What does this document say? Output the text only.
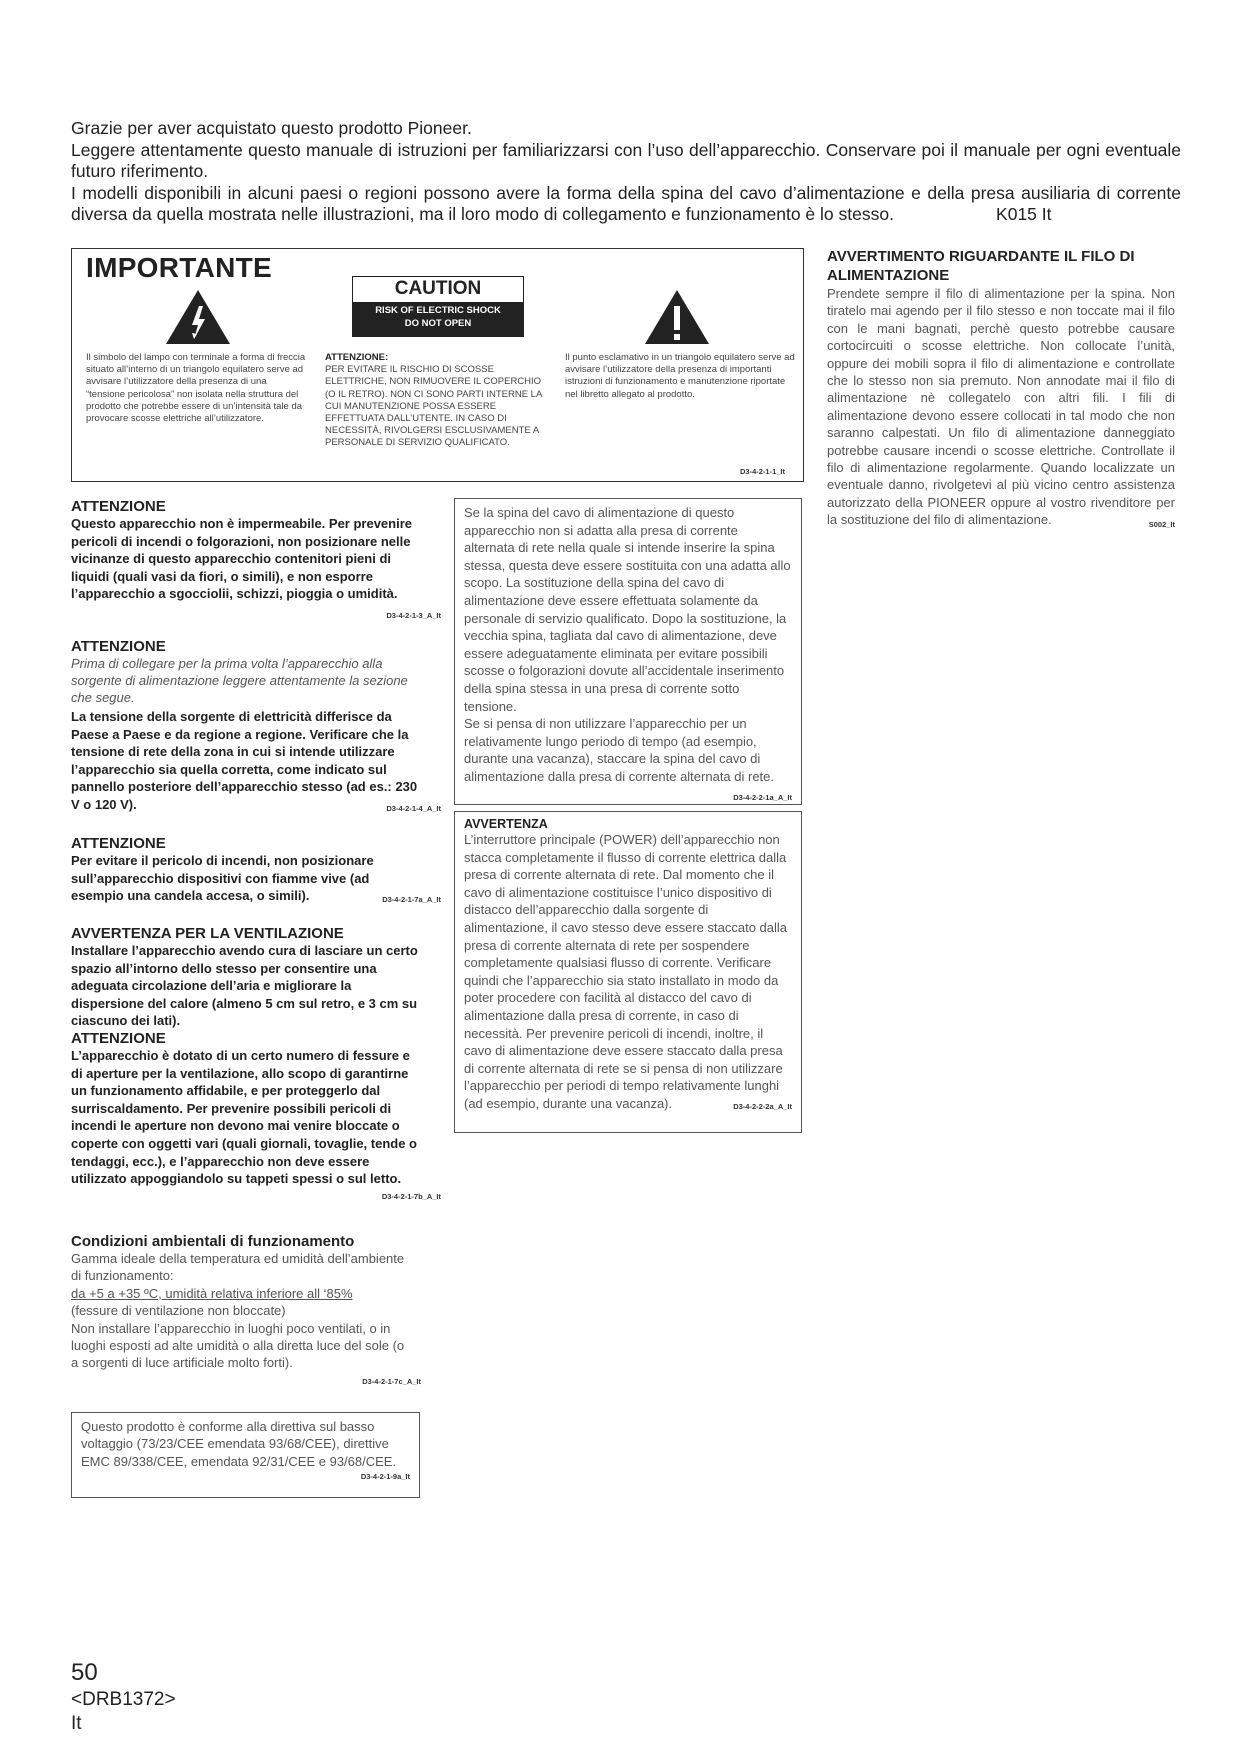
Grazie per aver acquistato questo prodotto Pioneer.

Leggere attentamente questo manuale di istruzioni per familiarizzarsi con l’uso dell’apparecchio. Conservare poi il manuale per ogni eventuale futuro riferimento.

I modelli disponibili in alcuni paesi o regioni possono avere la forma della spina del cavo d’alimentazione e della presa ausiliaria di corrente diversa da quella mostrata nelle illustrazioni, ma il loro modo di collegamento e funzionamento è lo stesso.	K015 It

IMPORTANTE
CAUTION
RISK OF ELECTRIC SHOCK
DO NOT OPEN
Il simbolo del lampo con terminale a forma di freccia situato all’interno di un triangolo equilatero serve ad avvisare l’utilizzatore della presenza di una “tensione pericolosa” non isolata nella struttura del prodotto che potrebbe essere di un’intensità tale da provocare scosse elettriche all’utilizzatore.
ATTENZIONE:
PER EVITARE IL RISCHIO DI SCOSSE ELETTRICHE, NON RIMUOVERE IL COPERCHIO (O IL RETRO). NON CI SONO PARTI INTERNE LA CUI MANUTENZIONE POSSA ESSERE EFFETTUATA DALL’UTENTE. IN CASO DI NECESSITÀ, RIVOLGERSI ESCLUSIVAMENTE A PERSONALE DI SERVIZIO QUALIFICATO.
Il punto esclamativo in un triangolo equilatero serve ad avvisare l’utilizzatore della presenza di importanti istruzioni di funzionamento e manutenzione riportate nel libretto allegato al prodotto.
D3-4-2-1-1_It
AVVERTIMENTO RIGUARDANTE IL FILO DI ALIMENTAZIONE
Prendete sempre il filo di alimentazione per la spina. Non tiratelo mai agendo per il filo stesso e non toccate mai il filo con le mani bagnati, perchè questo potrebbe causare cortocircuiti o scosse elettriche. Non collocate l’unità, oppure dei mobili sopra il filo di alimentazione e controllate che lo stesso non sia premuto. Non annodate mai il filo di alimentazione nè collegatelo con altri fili. I fili di alimentazione devono essere collocati in tal modo che non saranno calpestati. Un filo di alimentazione danneggiato potrebbe causare incendi o scosse elettriche. Controllate il filo di alimentazione regolarmente. Quando localizzate un eventuale danno, rivolgetevi al più vicino centro assistenza autorizzato della PIONEER oppure al vostro rivenditore per la sostituzione del filo di alimentazione.	S002_It
ATTENZIONE
Questo apparecchio non è impermeabile. Per prevenire pericoli di incendi o folgorazioni, non posizionare nelle vicinanze di questo apparecchio contenitori pieni di liquidi (quali vasi da fiori, o simili), e non esporre l’apparecchio a sgocciolii, schizzi, pioggia o umidità.
D3-4-2-1-3_A_It
ATTENZIONE
Prima di collegare per la prima volta l’apparecchio alla sorgente di alimentazione leggere attentamente la sezione che segue.
La tensione della sorgente di elettricità differisce da Paese a Paese e da regione a regione. Verificare che la tensione di rete della zona in cui si intende utilizzare l’apparecchio sia quella corretta, come indicato sul pannello posteriore dell’apparecchio stesso (ad es.: 230 V o 120 V).	D3-4-2-1-4_A_It
ATTENZIONE
Per evitare il pericolo di incendi, non posizionare sull’apparecchio dispositivi con fiamme vive (ad esempio una candela accesa, o simili).	D3-4-2-1-7a_A_It
AVVERTENZA PER LA VENTILAZIONE
Installare l’apparecchio avendo cura di lasciare un certo spazio all’intorno dello stesso per consentire una adeguata circolazione dell’aria e migliorare la dispersione del calore (almeno 5 cm sul retro, e 3 cm su ciascuno dei lati).
ATTENZIONE
L’apparecchio è dotato di un certo numero di fessure e di aperture per la ventilazione, allo scopo di garantirne un funzionamento affidabile, e per proteggerlo dal surriscaldamento. Per prevenire possibili pericoli di incendi le aperture non devono mai venire bloccate o coperte con oggetti vari (quali giornali, tovaglie, tende o tendaggi, ecc.), e l’apparecchio non deve essere utilizzato appoggiandolo su tappeti spessi o sul letto.
D3-4-2-1-7b_A_It
Condizioni ambientali di funzionamento
Gamma ideale della temperatura ed umidità dell’ambiente di funzionamento:
da +5 a +35 ºC, umidità relativa inferiore all ‘85%
(fessure di ventilazione non bloccate)
Non installare l’apparecchio in luoghi poco ventilati, o in luoghi esposti ad alte umidità o alla diretta luce del sole (o a sorgenti di luce artificiale molto forti).
D3-4-2-1-7c_A_It
Questo prodotto è conforme alla direttiva sul basso voltaggio (73/23/CEE emendata 93/68/CEE), direttive EMC 89/338/CEE, emendata 92/31/CEE e 93/68/CEE.
D3-4-2-1-9a_It
Se la spina del cavo di alimentazione di questo apparecchio non si adatta alla presa di corrente alternata di rete nella quale si intende inserire la spina stessa, questa deve essere sostituita con una adatta allo scopo. La sostituzione della spina del cavo di alimentazione deve essere effettuata solamente da personale di servizio qualificato. Dopo la sostituzione, la vecchia spina, tagliata dal cavo di alimentazione, deve essere adeguatamente eliminata per evitare possibili scosse o folgorazioni dovute all’accidentale inserimento della spina stessa in una presa di corrente sotto tensione.
Se si pensa di non utilizzare l’apparecchio per un relativamente lungo periodo di tempo (ad esempio, durante una vacanza), staccare la spina del cavo di alimentazione dalla presa di corrente alternata di rete.
D3-4-2-2-1a_A_It
AVVERTENZA
L’interruttore principale (POWER) dell’apparecchio non stacca completamente il flusso di corrente elettrica dalla presa di corrente alternata di rete. Dal momento che il cavo di alimentazione costituisce l’unico dispositivo di distacco dell’apparecchio dalla sorgente di alimentazione, il cavo stesso deve essere staccato dalla presa di corrente alternata di rete per sospendere completamente qualsiasi flusso di corrente. Verificare quindi che l’apparecchio sia stato installato in modo da poter procedere con facilità al distacco del cavo di alimentazione dalla presa di corrente, in caso di necessità. Per prevenire pericoli di incendi, inoltre, il cavo di alimentazione deve essere staccato dalla presa di corrente alternata di rete se si pensa di non utilizzare l’apparecchio per periodi di tempo relativamente lunghi (ad esempio, durante una vacanza).	D3-4-2-2-2a_A_It
50
<DRB1372>
It
